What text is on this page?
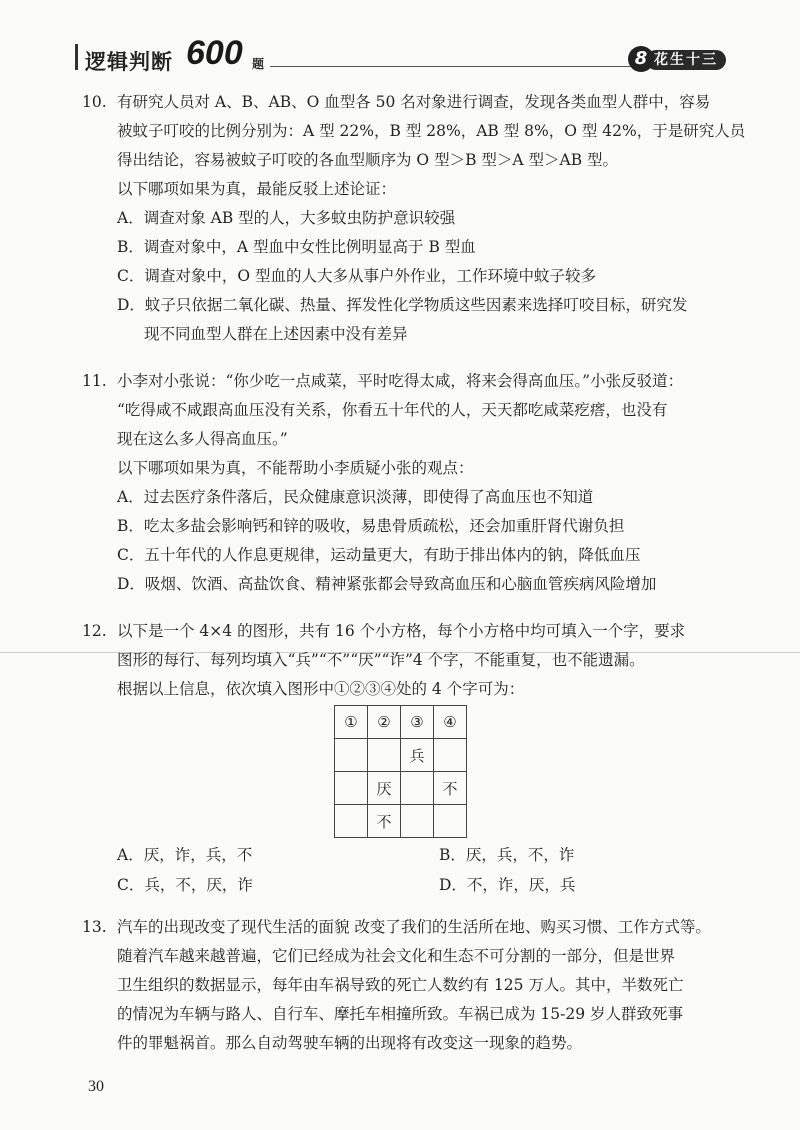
逻辑判断 600 题	花生十三
8
10. 有研究人员对 A、B、AB、O 血型各 50 名对象进行调查，发现各类血型人群中，容易
被蚊子叮咬的比例分别为：A 型 22%，B 型 28%，AB 型 8%，O 型 42%，于是研究人员
得出结论，容易被蚊子叮咬的各血型顺序为 O 型＞B 型＞A 型＞AB 型。
以下哪项如果为真，最能反驳上述论证：
A．调查对象 AB 型的人，大多蚊虫防护意识较强
B．调查对象中，A 型血中女性比例明显高于 B 型血
C．调查对象中，O 型血的人大多从事户外作业，工作环境中蚊子较多
D．蚊子只依据二氧化碳、热量、挥发性化学物质这些因素来选择叮咬目标，研究发
现不同血型人群在上述因素中没有差异
11. 小李对小张说：“你少吃一点咸菜，平时吃得太咸，将来会得高血压。”小张反驳道：
“吃得咸不咸跟高血压没有关系，你看五十年代的人，天天都吃咸菜疙瘩，也没有
现在这么多人得高血压。”
以下哪项如果为真，不能帮助小李质疑小张的观点：
A．过去医疗条件落后，民众健康意识淡薄，即使得了高血压也不知道
B．吃太多盐会影响钙和锌的吸收，易患骨质疏松，还会加重肝肾代谢负担
C．五十年代的人作息更规律，运动量更大，有助于排出体内的钠，降低血压
D．吸烟、饮酒、高盐饮食、精神紧张都会导致高血压和心脑血管疾病风险增加
12. 以下是一个 4×4 的图形，共有 16 个小方格，每个小方格中均可填入一个字，要求
图形的每行、每列均填入“兵”“不”“厌”“诈”4 个字，不能重复，也不能遗漏。
根据以上信息，依次填入图形中①②③④处的 4 个字可为：
①	②	③	④
		兵	
	厌		不
	不		
A．厌，诈，兵，不	B．厌，兵，不，诈
C．兵，不，厌，诈	D．不，诈，厌，兵
13. 汽车的出现改变了现代生活的面貌 改变了我们的生活所在地、购买习惯、工作方式等。
随着汽车越来越普遍，它们已经成为社会文化和生态不可分割的一部分，但是世界
卫生组织的数据显示，每年由车祸导致的死亡人数约有 125 万人。其中，半数死亡
的情况为车辆与路人、自行车、摩托车相撞所致。车祸已成为 15-29 岁人群致死事
件的罪魁祸首。那么自动驾驶车辆的出现将有改变这一现象的趋势。
30
